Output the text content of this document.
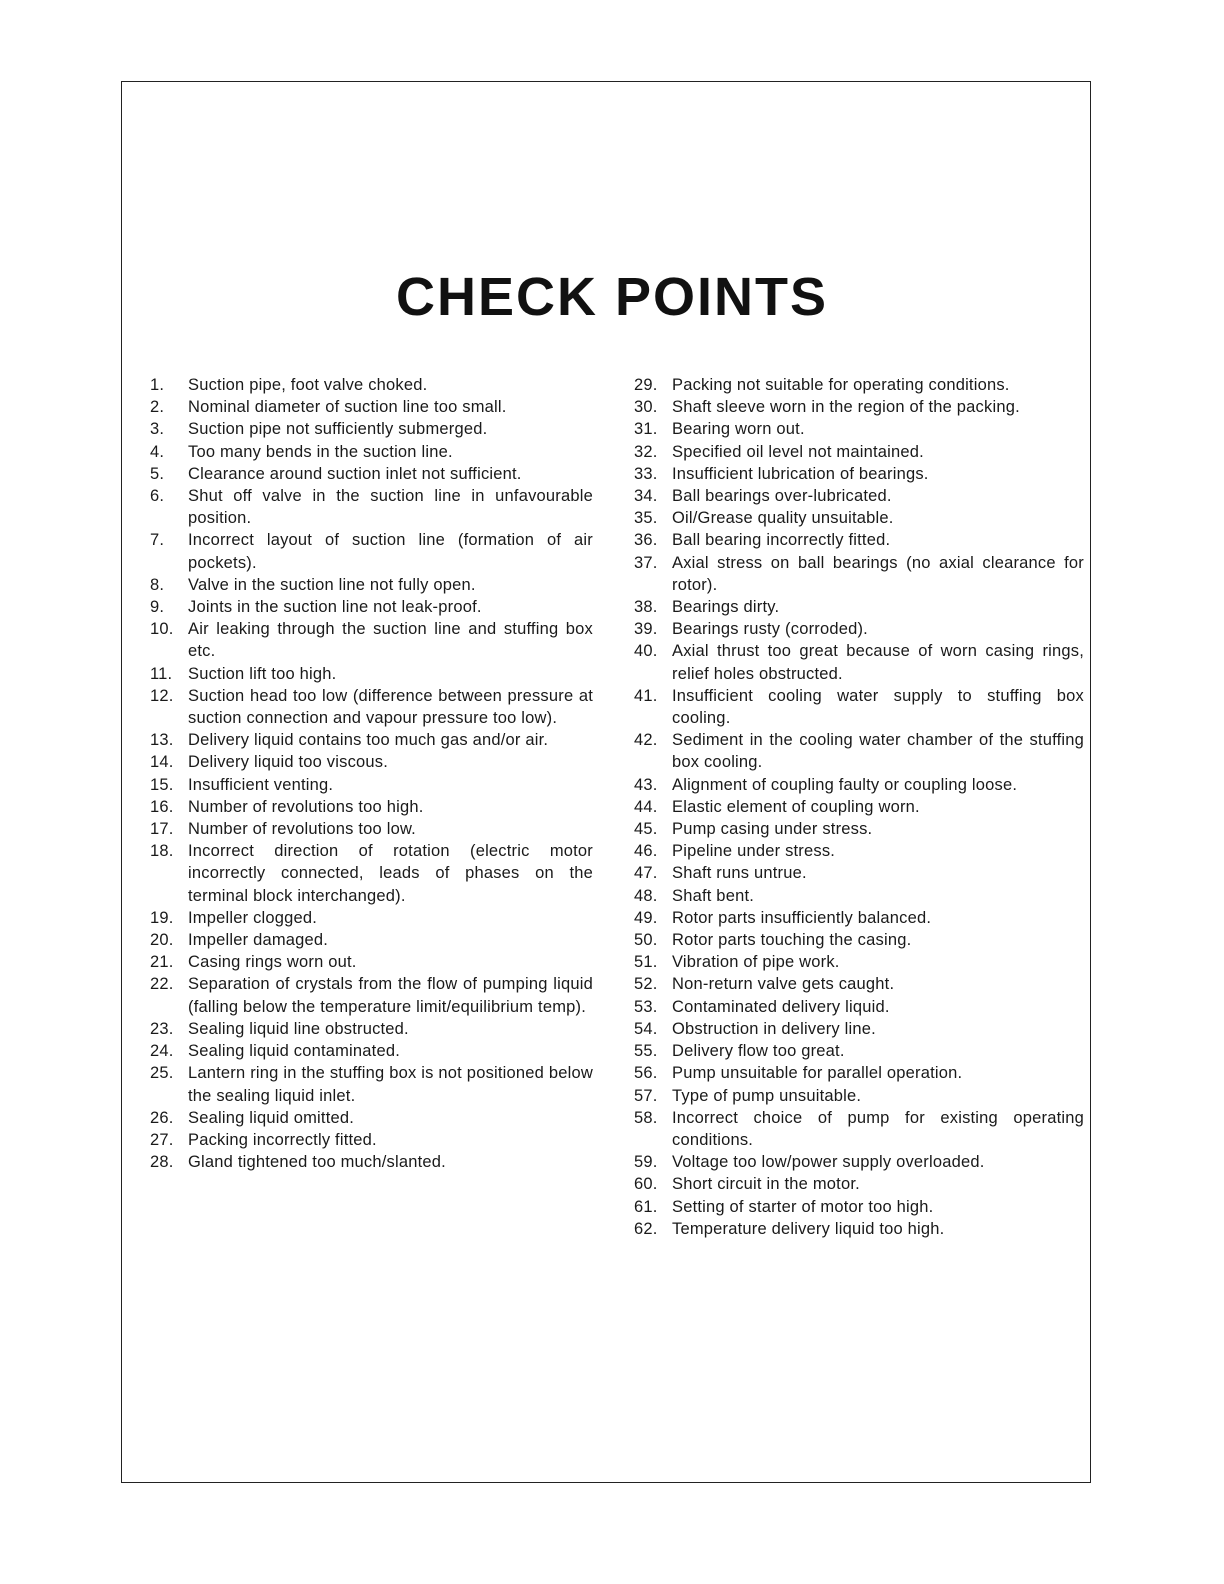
CHECK POINTS
1.	Suction pipe, foot valve choked.
2.	Nominal diameter of suction line too small.
3.	Suction pipe not sufficiently submerged.
4.	Too many bends in the suction line.
5.	Clearance around suction inlet not sufficient.
6.	Shut off valve in the suction line in unfavourable position.
7.	Incorrect layout of suction line (formation of air pockets).
8.	Valve in the suction line not fully open.
9.	Joints in the suction line not leak-proof.
10. Air leaking through the suction line and stuffing box etc.
11. Suction lift too high.
12. Suction head too low (difference between pressure at suction connection and vapour pressure too low).
13. Delivery liquid contains too much gas and/or air.
14. Delivery liquid too viscous.
15. Insufficient venting.
16. Number of revolutions too high.
17. Number of revolutions too low.
18. Incorrect direction of rotation (electric motor incorrectly connected, leads of phases on the terminal block interchanged).
19. Impeller clogged.
20. Impeller damaged.
21. Casing rings worn out.
22. Separation of crystals from the flow of pumping liquid (falling below the temperature limit/equilibrium temp).
23. Sealing liquid line obstructed.
24. Sealing liquid contaminated.
25. Lantern ring in the stuffing box is not positioned below the sealing liquid inlet.
26. Sealing liquid omitted.
27. Packing incorrectly fitted.
28. Gland tightened too much/slanted.
29. Packing not suitable for operating conditions.
30. Shaft sleeve worn in the region of the packing.
31. Bearing worn out.
32. Specified oil level not maintained.
33. Insufficient lubrication of bearings.
34. Ball bearings over-lubricated.
35. Oil/Grease quality unsuitable.
36. Ball bearing incorrectly fitted.
37. Axial stress on ball bearings (no axial clearance for rotor).
38. Bearings dirty.
39. Bearings rusty (corroded).
40. Axial thrust too great because of worn casing rings, relief holes obstructed.
41. Insufficient cooling water supply to stuffing box cooling.
42. Sediment in the cooling water chamber of the stuffing box cooling.
43. Alignment of coupling faulty or coupling loose.
44. Elastic element of coupling worn.
45. Pump casing under stress.
46. Pipeline under stress.
47. Shaft runs untrue.
48. Shaft bent.
49. Rotor parts insufficiently balanced.
50. Rotor parts touching the casing.
51. Vibration of pipe work.
52. Non-return valve gets caught.
53. Contaminated delivery liquid.
54. Obstruction in delivery line.
55. Delivery flow too great.
56. Pump unsuitable for parallel operation.
57. Type of pump unsuitable.
58. Incorrect choice of pump for existing operating conditions.
59. Voltage too low/power supply overloaded.
60. Short circuit in the motor.
61. Setting of starter of motor too high.
62. Temperature delivery liquid too high.
